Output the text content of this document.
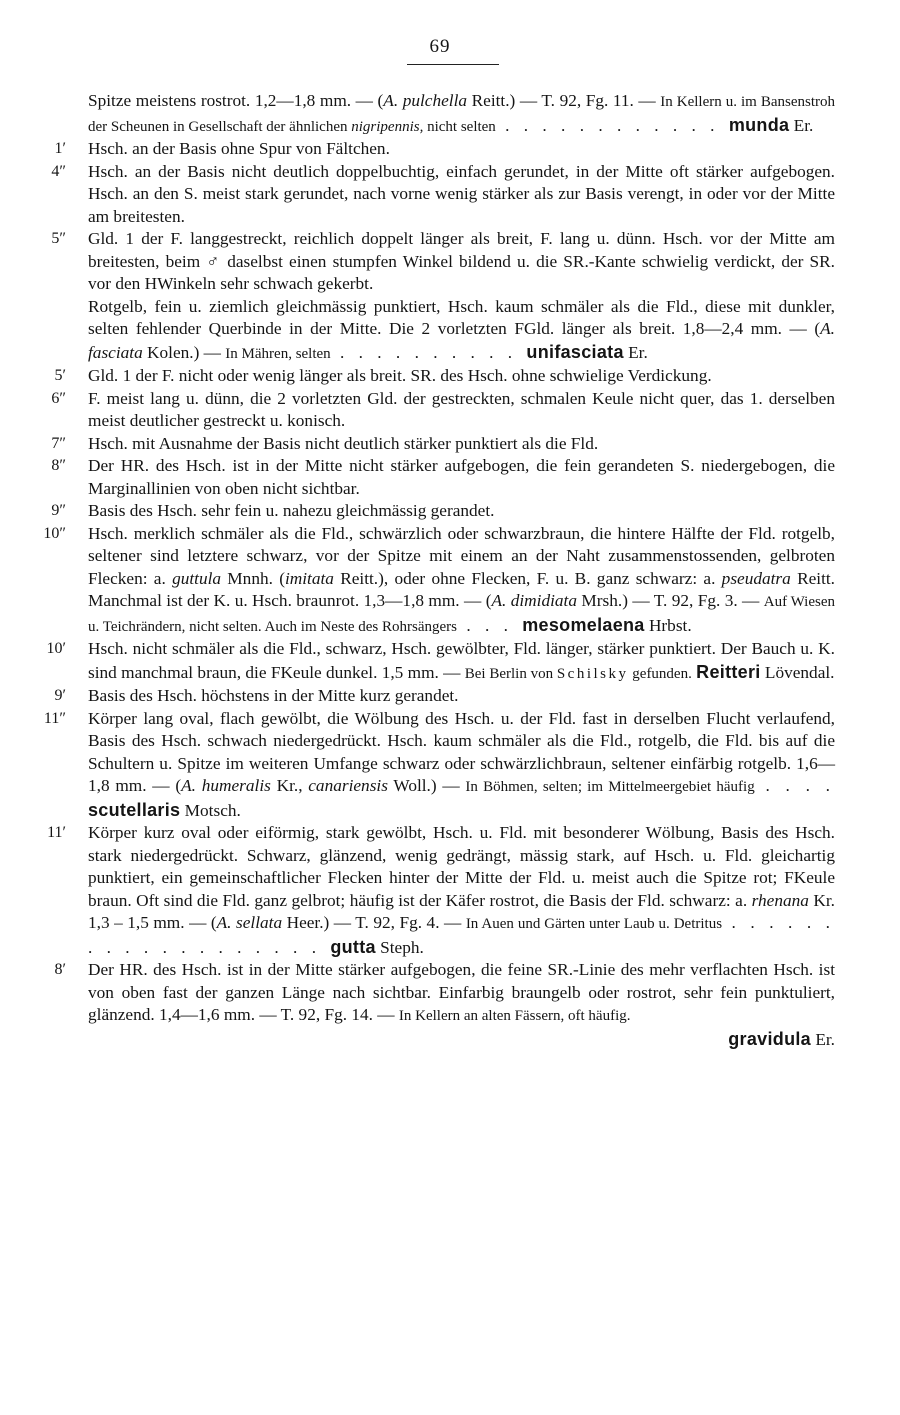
69
Spitze meistens rostrot. 1,2—1,8 mm. — (A. pulchella Reitt.) — T. 92, Fg. 11. — In Kellern u. im Bansenstroh der Scheunen in Gesellschaft der ähnlichen nigripennis, nicht selten . . . . . . . . . . . . munda Er.
1′ Hsch. an der Basis ohne Spur von Fältchen.
4″ Hsch. an der Basis nicht deutlich doppelbuchtig, einfach gerundet, in der Mitte oft stärker aufgebogen. Hsch. an den S. meist stark gerundet, nach vorne wenig stärker als zur Basis verengt, in oder vor der Mitte am breitesten.
5″ Gld. 1 der F. langgestreckt, reichlich doppelt länger als breit, F. lang u. dünn. Hsch. vor der Mitte am breitesten, beim ♂ daselbst einen stumpfen Winkel bildend u. die SR.-Kante schwielig verdickt, der SR. vor den HWinkeln sehr schwach gekerbt.
Rotgelb, fein u. ziemlich gleichmässig punktiert, Hsch. kaum schmäler als die Fld., diese mit dunkler, selten fehlender Querbinde in der Mitte. Die 2 vorletzten FGld. länger als breit. 1,8—2,4 mm. — (A. fasciata Kolen.) — In Mähren, selten . . . . . . . . . . unifasciata Er.
5′ Gld. 1 der F. nicht oder wenig länger als breit. SR. des Hsch. ohne schwielige Verdickung.
6″ F. meist lang u. dünn, die 2 vorletzten Gld. der gestreckten, schmalen Keule nicht quer, das 1. derselben meist deutlicher gestreckt u. konisch.
7″ Hsch. mit Ausnahme der Basis nicht deutlich stärker punktiert als die Fld.
8″ Der HR. des Hsch. ist in der Mitte nicht stärker aufgebogen, die fein gerandeten S. niedergebogen, die Marginallinien von oben nicht sichtbar.
9″ Basis des Hsch. sehr fein u. nahezu gleichmässig gerandet.
10″ Hsch. merklich schmäler als die Fld., schwärzlich oder schwarzbraun, die hintere Hälfte der Fld. rotgelb, seltener sind letztere schwarz, vor der Spitze mit einem an der Naht zusammenstossenden, gelbroten Flecken: a. guttula Mnnh. (imitata Reitt.), oder ohne Flecken, F. u. B. ganz schwarz: a. pseudatra Reitt. Manchmal ist der K. u. Hsch. braunrot. 1,3—1,8 mm. — (A. dimidiata Mrsh.) — T. 92, Fg. 3. — Auf Wiesen u. Teichrändern, nicht selten. Auch im Neste des Rohrsängers . . . mesomelaena Hrbst.
10′ Hsch. nicht schmäler als die Fld., schwarz, Hsch. gewölbter, Fld. länger, stärker punktiert. Der Bauch u. K. sind manchmal braun, die FKeule dunkel. 1,5 mm. — Bei Berlin von Schilsky gefunden. Reitteri Lövendal.
9′ Basis des Hsch. höchstens in der Mitte kurz gerandet.
11″ Körper lang oval, flach gewölbt, die Wölbung des Hsch. u. der Fld. fast in derselben Flucht verlaufend, Basis des Hsch. schwach niedergedrückt. Hsch. kaum schmäler als die Fld., rotgelb, die Fld. bis auf die Schultern u. Spitze im weiteren Umfange schwarz oder schwärzlichbraun, seltener einfärbig rotgelb. 1,6—1,8 mm. — (A. humeralis Kr., canariensis Woll.) — In Böhmen, selten; im Mittelmeergebiet häufig . . . . scutellaris Motsch.
11′ Körper kurz oval oder eiförmig, stark gewölbt, Hsch. u. Fld. mit besonderer Wölbung, Basis des Hsch. stark niedergedrückt. Schwarz, glänzend, wenig gedrängt, mässig stark, auf Hsch. u. Fld. gleichartig punktiert, ein gemeinschaftlicher Flecken hinter der Mitte der Fld. u. meist auch die Spitze rot; FKeule braun. Oft sind die Fld. ganz gelbrot; häufig ist der Käfer rostrot, die Basis der Fld. schwarz: a. rhenana Kr. 1,3 – 1,5 mm. — (A. sellata Heer.) — T. 92, Fg. 4. — In Auen und Gärten unter Laub u. Detritus . . . . . . . . . . . . . . . . . . . gutta Steph.
8′ Der HR. des Hsch. ist in der Mitte stärker aufgebogen, die feine SR.-Linie des mehr verflachten Hsch. ist von oben fast der ganzen Länge nach sichtbar. Einfarbig braungelb oder rostrot, sehr fein punktuliert, glänzend. 1,4—1,6 mm. — T. 92, Fg. 14. — In Kellern an alten Fässern, oft häufig.
gravidula Er.
